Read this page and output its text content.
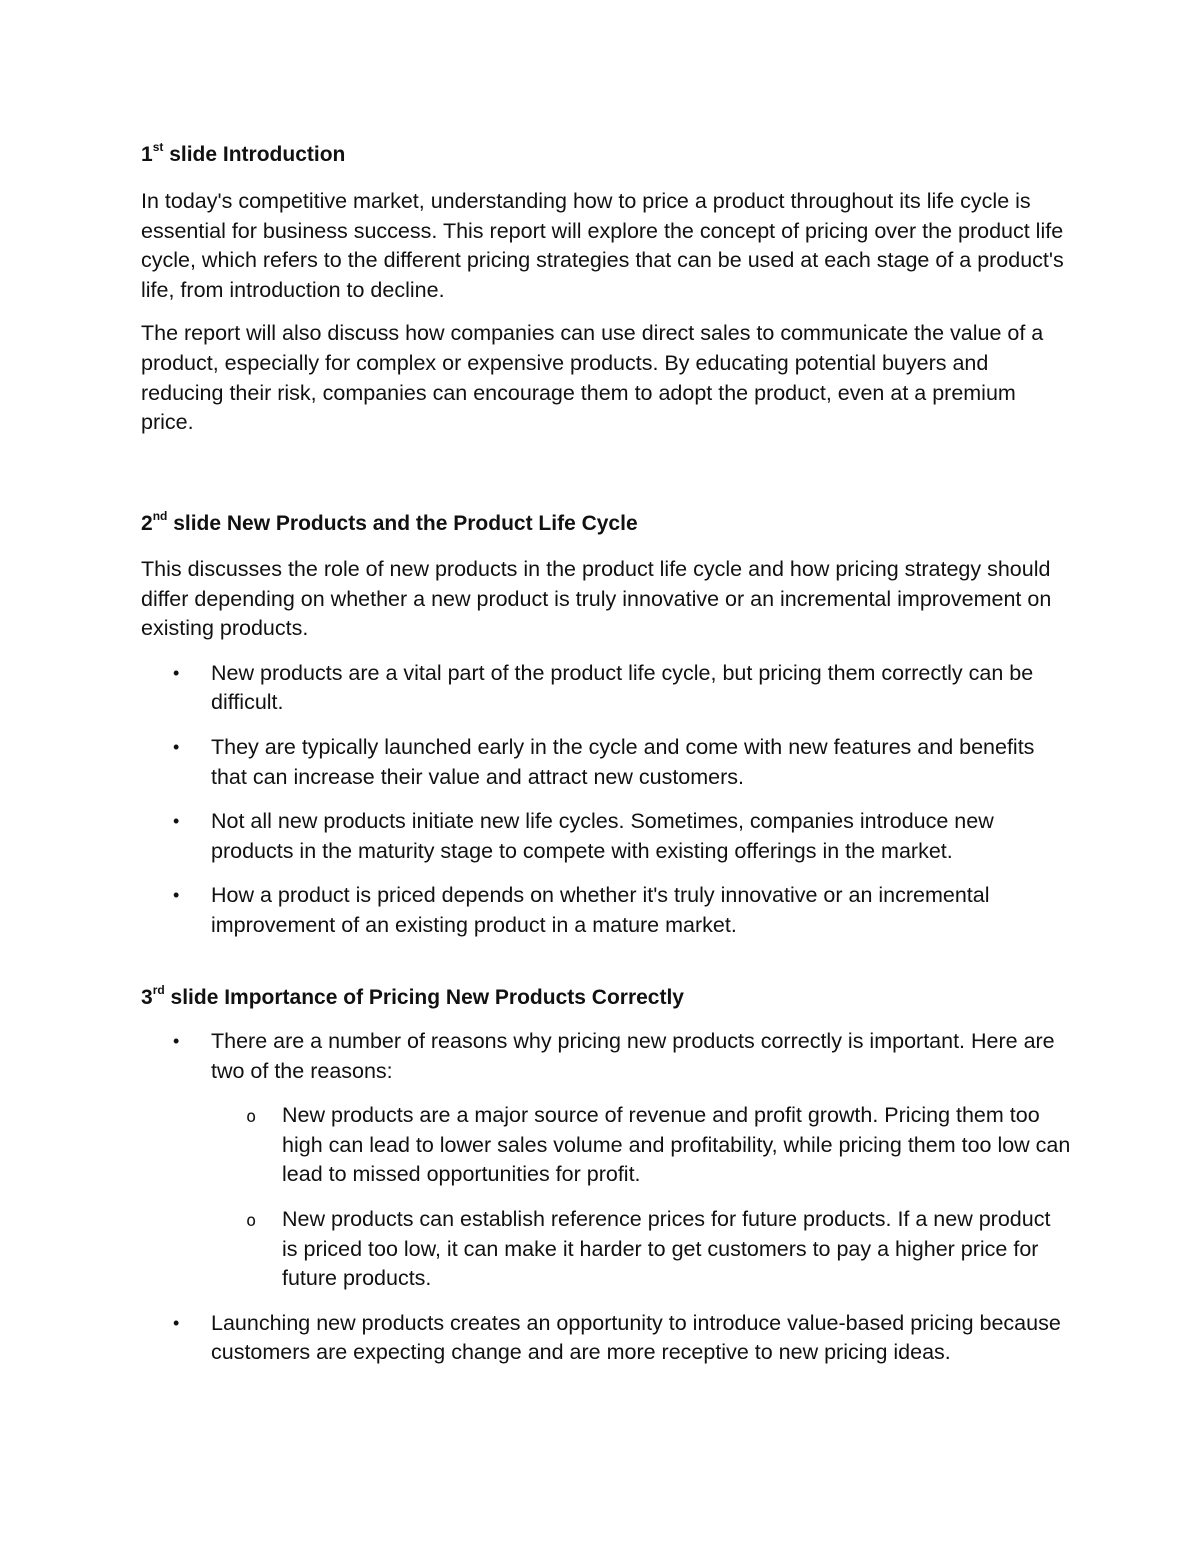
1st slide Introduction

In today's competitive market, understanding how to price a product throughout its life cycle is essential for business success. This report will explore the concept of pricing over the product life cycle, which refers to the different pricing strategies that can be used at each stage of a product's life, from introduction to decline.

The report will also discuss how companies can use direct sales to communicate the value of a product, especially for complex or expensive products. By educating potential buyers and reducing their risk, companies can encourage them to adopt the product, even at a premium price.

2nd slide New Products and the Product Life Cycle

This discusses the role of new products in the product life cycle and how pricing strategy should differ depending on whether a new product is truly innovative or an incremental improvement on existing products.

• New products are a vital part of the product life cycle, but pricing them correctly can be difficult.
• They are typically launched early in the cycle and come with new features and benefits that can increase their value and attract new customers.
• Not all new products initiate new life cycles. Sometimes, companies introduce new products in the maturity stage to compete with existing offerings in the market.
• How a product is priced depends on whether it's truly innovative or an incremental improvement of an existing product in a mature market.

3rd slide Importance of Pricing New Products Correctly

• There are a number of reasons why pricing new products correctly is important. Here are two of the reasons:
o New products are a major source of revenue and profit growth. Pricing them too high can lead to lower sales volume and profitability, while pricing them too low can lead to missed opportunities for profit.
o New products can establish reference prices for future products. If a new product is priced too low, it can make it harder to get customers to pay a higher price for future products.
• Launching new products creates an opportunity to introduce value-based pricing because customers are expecting change and are more receptive to new pricing ideas.
